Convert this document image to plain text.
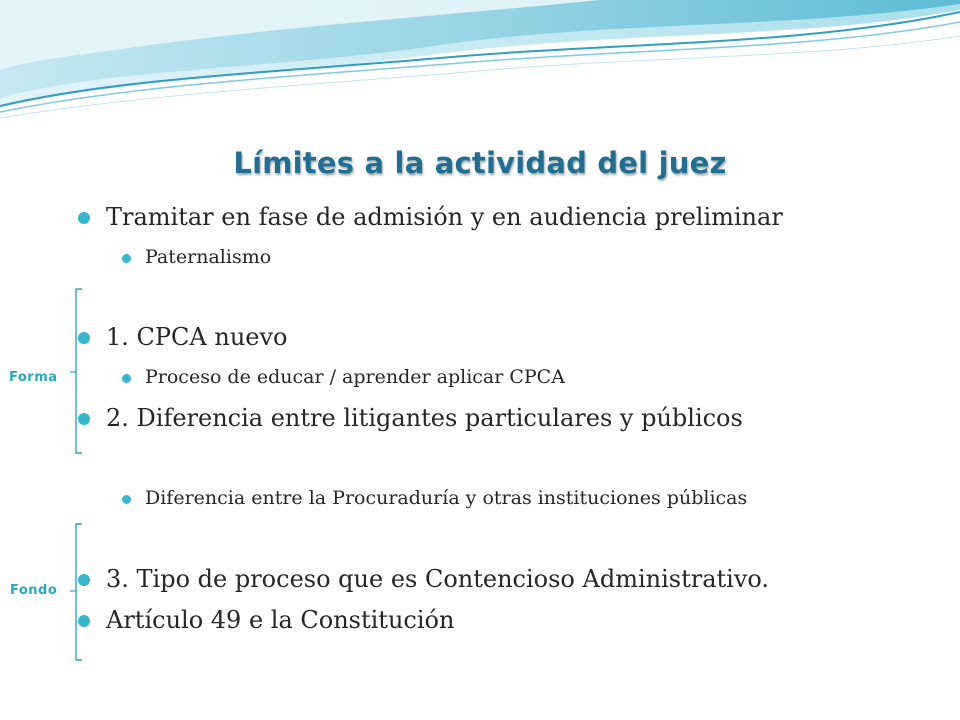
Límites a la actividad del juez
Tramitar en fase de admisión y en audiencia preliminar
Paternalismo
1. CPCA nuevo
Proceso de educar / aprender aplicar CPCA
2. Diferencia entre litigantes particulares y públicos
Diferencia entre la Procuraduría y otras instituciones públicas
3. Tipo de proceso que es Contencioso Administrativo.
Artículo 49 e la Constitución
Forma
Fondo
